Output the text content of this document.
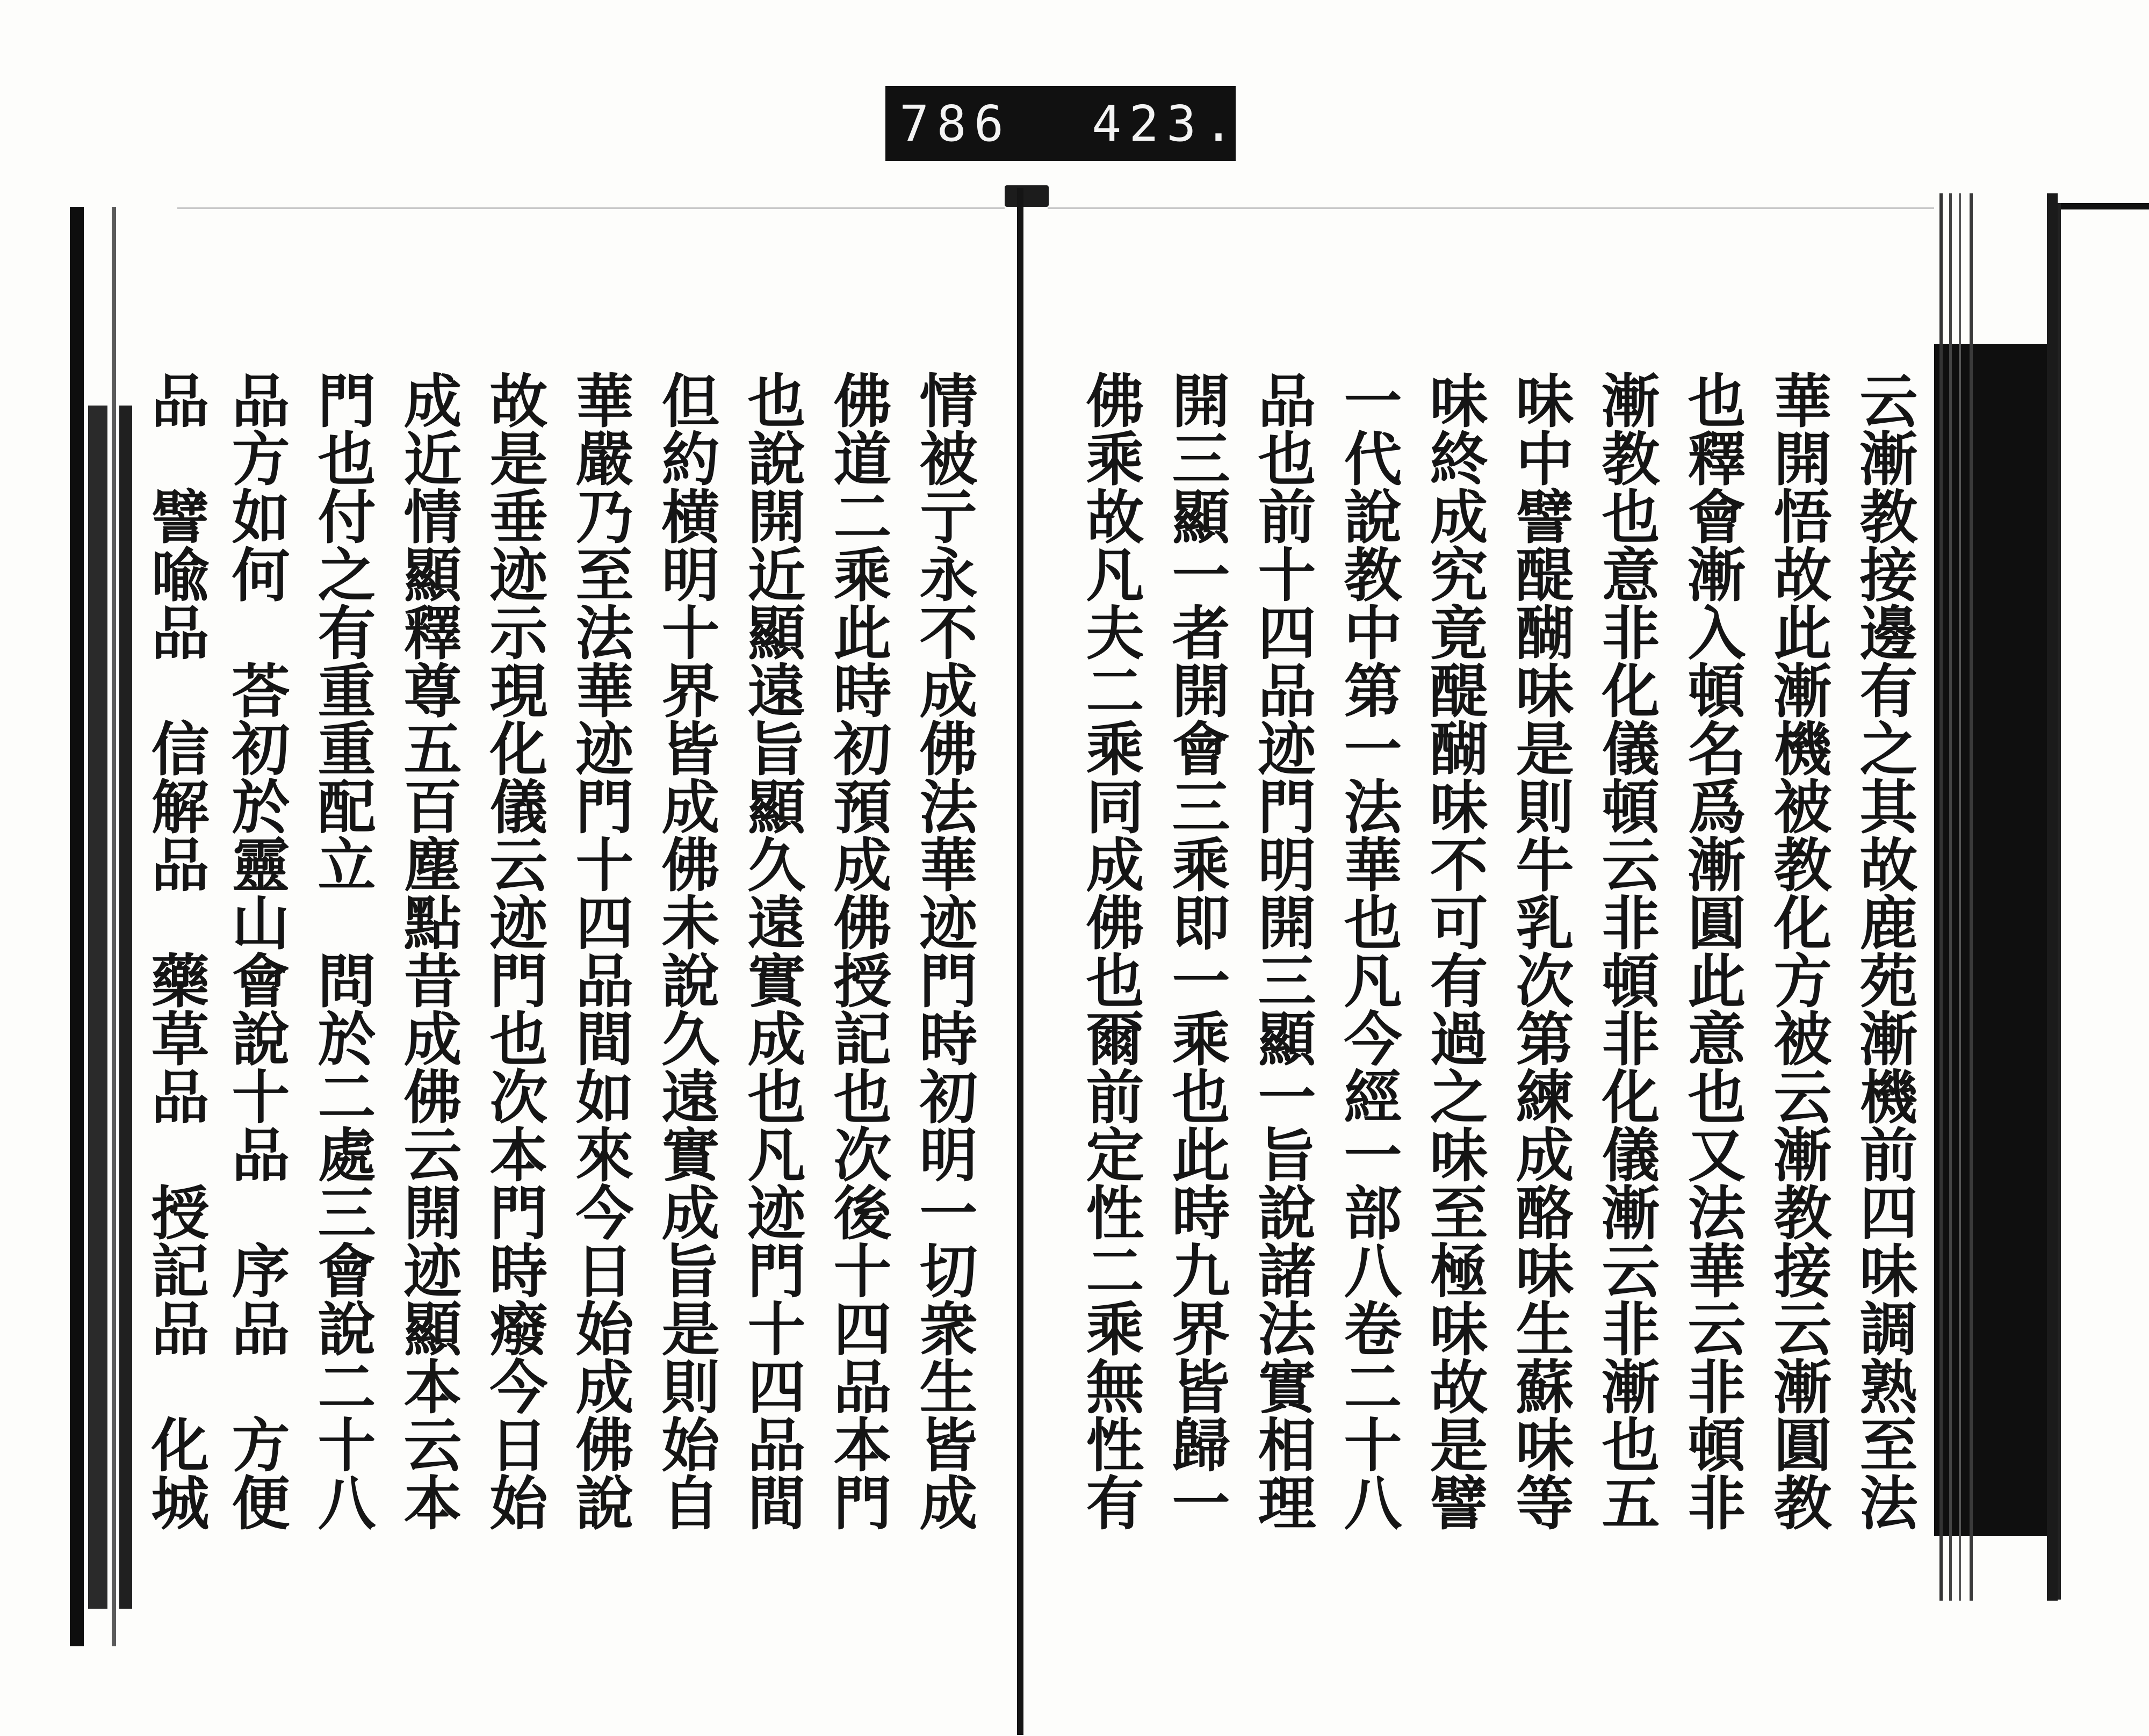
786 423.
云漸教接邊有之其故鹿苑漸機前四味調熟至法
華開悟故此漸機被教化方被云漸教接云漸圓教
也釋會漸入頓名爲漸圓此意也又法華云非頓非
漸教也意非化儀頓云非頓非化儀漸云非漸也五
味中譬醍醐味是則牛乳次第練成酪味生蘇味等
味終成究竟醍醐味不可有過之味至極味故是譬
一代說教中第一法華也凡今經一部八卷二十八
品也前十四品迹門明開三顯一旨說諸法實相理
開三顯一者開會三乘即一乘也此時九界皆歸一
佛乘故凡夫二乘同成佛也爾前定性二乘無性有
情被亍永不成佛法華迹門時初明一切衆生皆成
佛道二乘此時初預成佛授記也次後十四品本門
也說開近顯遠旨顯久遠實成也凡迹門十四品間
但約横明十界皆成佛未說久遠實成旨是則始自
華嚴乃至法華迹門十四品間如來今日始成佛說
故是垂迹示現化儀云迹門也次本門時癈今日始
成近情顯釋尊五百塵點昔成佛云開迹顯本云本
門也付之有重重配立　問於二處三會說二十八
品方如何　荅初於靈山會說十品　序品　方便
品　譬喩品　信解品　藥草品　授記品　化城
